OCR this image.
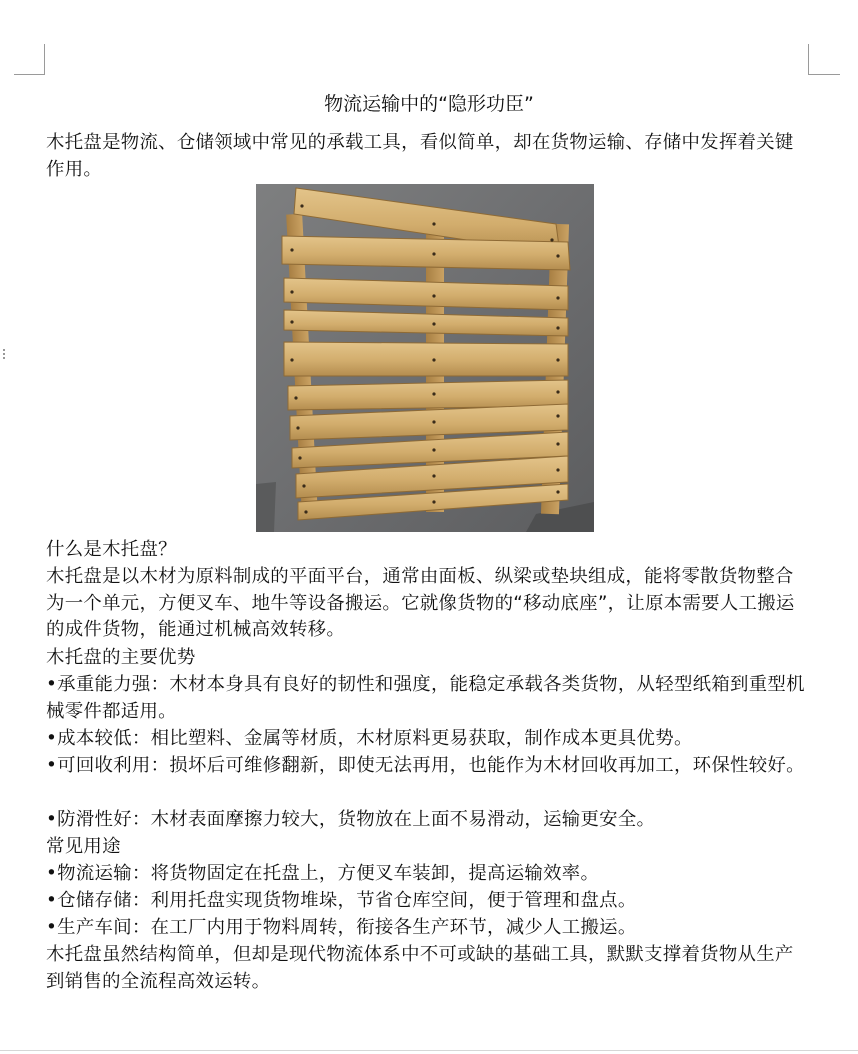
物流运输中的“隐形功臣”
木托盘是物流、仓储领域中常见的承载工具，看似简单，却在货物运输、存储中发挥着关键作用。
什么是木托盘？
木托盘是以木材为原料制成的平面平台，通常由面板、纵梁或垫块组成，能将零散货物整合为一个单元，方便叉车、地牛等设备搬运。它就像货物的“移动底座”，让原本需要人工搬运的成件货物，能通过机械高效转移。
木托盘的主要优势
•承重能力强：木材本身具有良好的韧性和强度，能稳定承载各类货物，从轻型纸箱到重型机械零件都适用。
•成本较低：相比塑料、金属等材质，木材原料更易获取，制作成本更具优势。
•可回收利用：损坏后可维修翻新，即使无法再用，也能作为木材回收再加工，环保性较好。
•防滑性好：木材表面摩擦力较大，货物放在上面不易滑动，运输更安全。
常见用途
•物流运输：将货物固定在托盘上，方便叉车装卸，提高运输效率。
•仓储存储：利用托盘实现货物堆垛，节省仓库空间，便于管理和盘点。
•生产车间：在工厂内用于物料周转，衔接各生产环节，减少人工搬运。
木托盘虽然结构简单，但却是现代物流体系中不可或缺的基础工具，默默支撑着货物从生产到销售的全流程高效运转。
